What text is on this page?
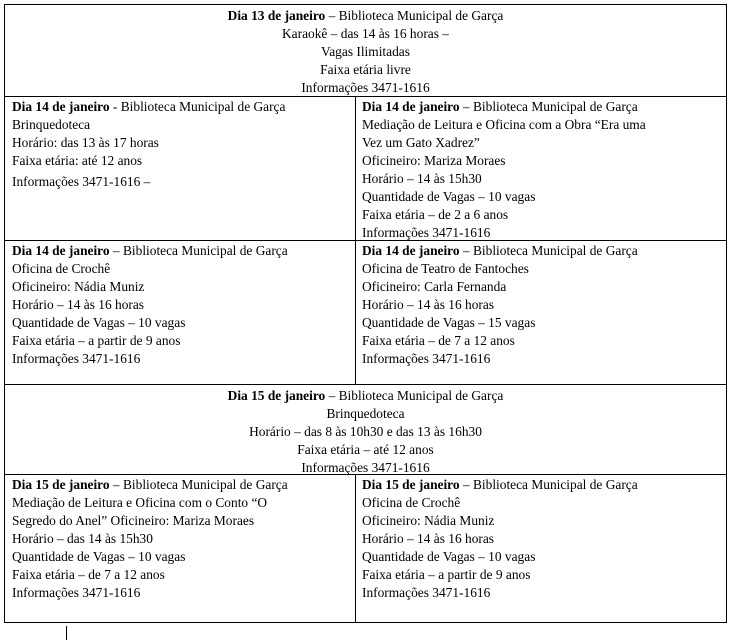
Dia 13 de janeiro – Biblioteca Municipal de Garça
Karaokê – das 14 às 16 horas –
Vagas Ilimitadas
Faixa etária livre
Informações 3471-1616
Dia 14 de janeiro - Biblioteca Municipal de Garça
Brinquedoteca
Horário: das 13 às 17 horas
Faixa etária: até 12 anos
Informações 3471-1616 –
Dia 14 de janeiro – Biblioteca Municipal de Garça
Mediação de Leitura e Oficina com a Obra “Era uma
Vez um Gato Xadrez”
Oficineiro: Mariza Moraes
Horário – 14 às 15h30
Quantidade de Vagas – 10 vagas
Faixa etária – de 2 a 6 anos
Informações 3471-1616
Dia 14 de janeiro – Biblioteca Municipal de Garça
Oficina de Crochê
Oficineiro: Nádia Muniz
Horário – 14 às 16 horas
Quantidade de Vagas – 10 vagas
Faixa etária – a partir de 9 anos
Informações 3471-1616
Dia 14 de janeiro – Biblioteca Municipal de Garça
Oficina de Teatro de Fantoches
Oficineiro: Carla Fernanda
Horário – 14 às 16 horas
Quantidade de Vagas – 15 vagas
Faixa etária – de 7 a 12 anos
Informações 3471-1616
Dia 15 de janeiro – Biblioteca Municipal de Garça
Brinquedoteca
Horário – das 8 às 10h30 e das 13 às 16h30
Faixa etária – até 12 anos
Informações 3471-1616
Dia 15 de janeiro – Biblioteca Municipal de Garça
Mediação de Leitura e Oficina com o Conto “O
Segredo do Anel” Oficineiro: Mariza Moraes
Horário – das 14 às 15h30
Quantidade de Vagas – 10 vagas
Faixa etária – de 7 a 12 anos
Informações 3471-1616
Dia 15 de janeiro – Biblioteca Municipal de Garça
Oficina de Crochê
Oficineiro: Nádia Muniz
Horário – 14 às 16 horas
Quantidade de Vagas – 10 vagas
Faixa etária – a partir de 9 anos
Informações 3471-1616
